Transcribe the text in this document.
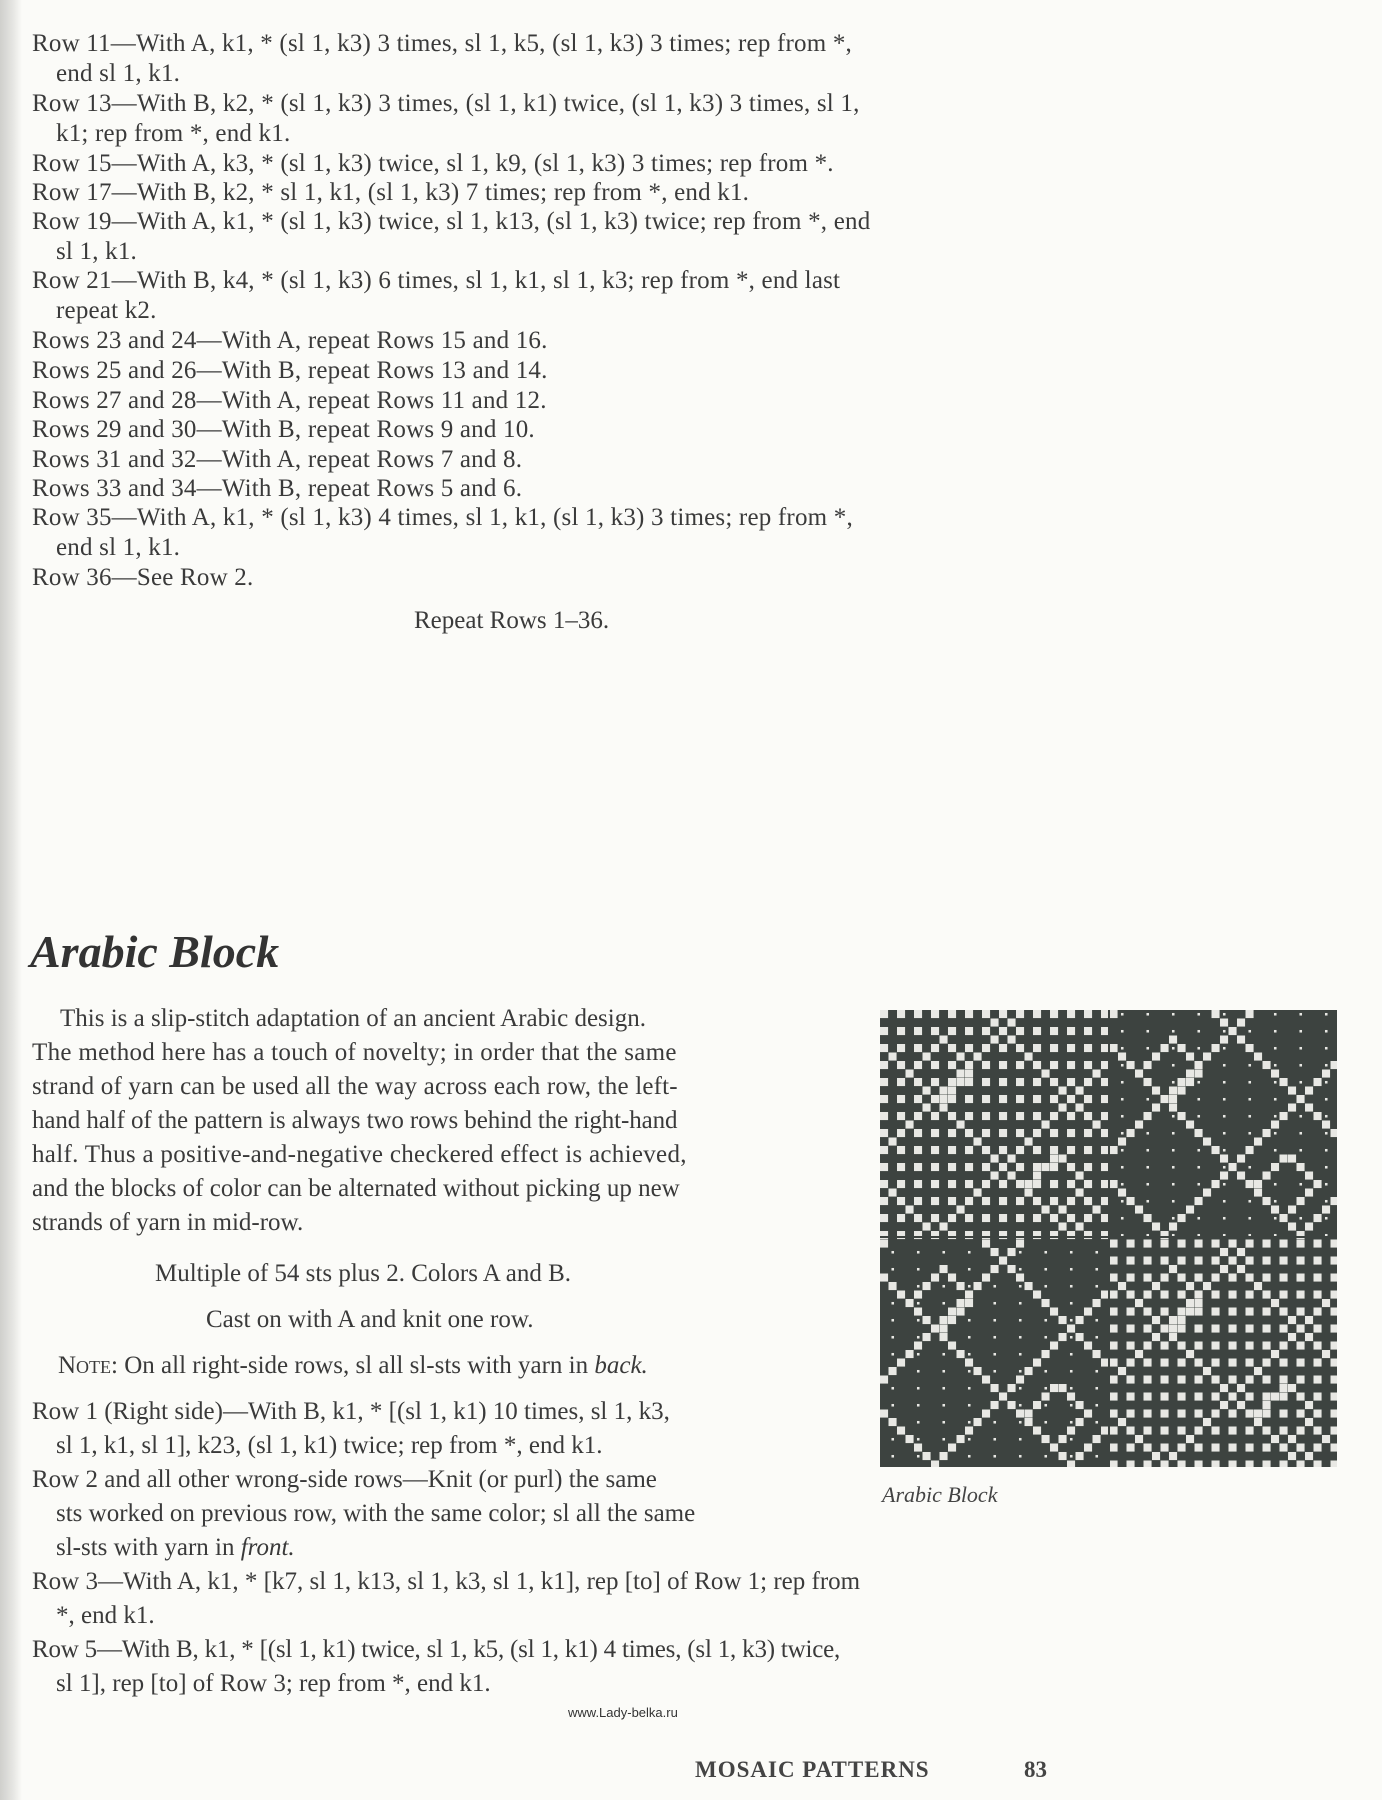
Row 11—With A, k1, * (sl 1, k3) 3 times, sl 1, k5, (sl 1, k3) 3 times; rep from *,
end sl 1, k1.
Row 13—With B, k2, * (sl 1, k3) 3 times, (sl 1, k1) twice, (sl 1, k3) 3 times, sl 1,
k1; rep from *, end k1.
Row 15—With A, k3, * (sl 1, k3) twice, sl 1, k9, (sl 1, k3) 3 times; rep from *.
Row 17—With B, k2, * sl 1, k1, (sl 1, k3) 7 times; rep from *, end k1.
Row 19—With A, k1, * (sl 1, k3) twice, sl 1, k13, (sl 1, k3) twice; rep from *, end
sl 1, k1.
Row 21—With B, k4, * (sl 1, k3) 6 times, sl 1, k1, sl 1, k3; rep from *, end last
repeat k2.
Rows 23 and 24—With A, repeat Rows 15 and 16.
Rows 25 and 26—With B, repeat Rows 13 and 14.
Rows 27 and 28—With A, repeat Rows 11 and 12.
Rows 29 and 30—With B, repeat Rows 9 and 10.
Rows 31 and 32—With A, repeat Rows 7 and 8.
Rows 33 and 34—With B, repeat Rows 5 and 6.
Row 35—With A, k1, * (sl 1, k3) 4 times, sl 1, k1, (sl 1, k3) 3 times; rep from *,
end sl 1, k1.
Row 36—See Row 2.
Repeat Rows 1–36.
Arabic Block
This is a slip-stitch adaptation of an ancient Arabic design.
The method here has a touch of novelty; in order that the same
strand of yarn can be used all the way across each row, the left-
hand half of the pattern is always two rows behind the right-hand
half. Thus a positive-and-negative checkered effect is achieved,
and the blocks of color can be alternated without picking up new
strands of yarn in mid-row.
Multiple of 54 sts plus 2. Colors A and B.
Cast on with A and knit one row.
Note: On all right-side rows, sl all sl-sts with yarn in back.
Row 1 (Right side)—With B, k1, * [(sl 1, k1) 10 times, sl 1, k3,
sl 1, k1, sl 1], k23, (sl 1, k1) twice; rep from *, end k1.
Row 2 and all other wrong-side rows—Knit (or purl) the same
sts worked on previous row, with the same color; sl all the same
sl-sts with yarn in front.
Row 3—With A, k1, * [k7, sl 1, k13, sl 1, k3, sl 1, k1], rep [to] of Row 1; rep from
*, end k1.
Row 5—With B, k1, * [(sl 1, k1) twice, sl 1, k5, (sl 1, k1) 4 times, (sl 1, k3) twice,
sl 1], rep [to] of Row 3; rep from *, end k1.
Arabic Block
www.Lady-belka.ru
MOSAIC PATTERNS	83
